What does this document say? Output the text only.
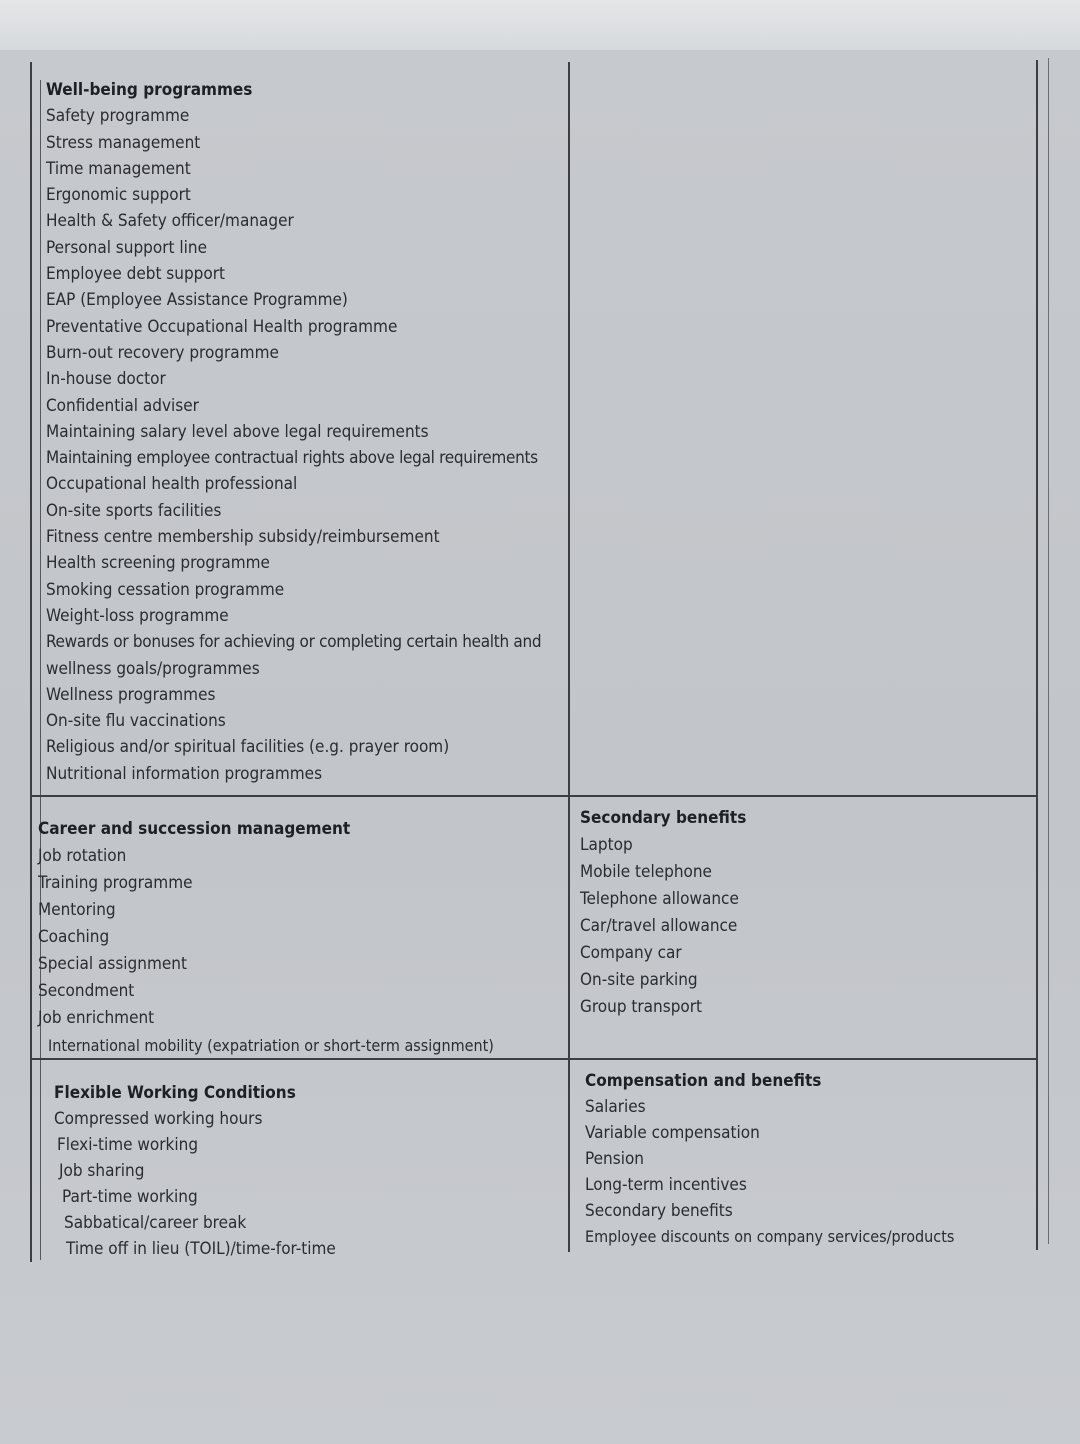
Well-being programmes
Safety programme
Stress management
Time management
Ergonomic support
Health & Safety officer/manager
Personal support line
Employee debt support
EAP (Employee Assistance Programme)
Preventative Occupational Health programme
Burn-out recovery programme
In-house doctor
Confidential adviser
Maintaining salary level above legal requirements
Maintaining employee contractual rights above legal requirements
Occupational health professional
On-site sports facilities
Fitness centre membership subsidy/reimbursement
Health screening programme
Smoking cessation programme
Weight-loss programme
Rewards or bonuses for achieving or completing certain health and
wellness goals/programmes
Wellness programmes
On-site flu vaccinations
Religious and/or spiritual facilities (e.g. prayer room)
Nutritional information programmes
Career and succession management
Job rotation
Training programme
Mentoring
Coaching
Special assignment
Secondment
Job enrichment
International mobility (expatriation or short-term assignment)
Secondary benefits
Laptop
Mobile telephone
Telephone allowance
Car/travel allowance
Company car
On-site parking
Group transport
Flexible Working Conditions
Compressed working hours
Flexi-time working
Job sharing
Part-time working
Sabbatical/career break
Time off in lieu (TOIL)/time-for-time
Compensation and benefits
Salaries
Variable compensation
Pension
Long-term incentives
Secondary benefits
Employee discounts on company services/products
